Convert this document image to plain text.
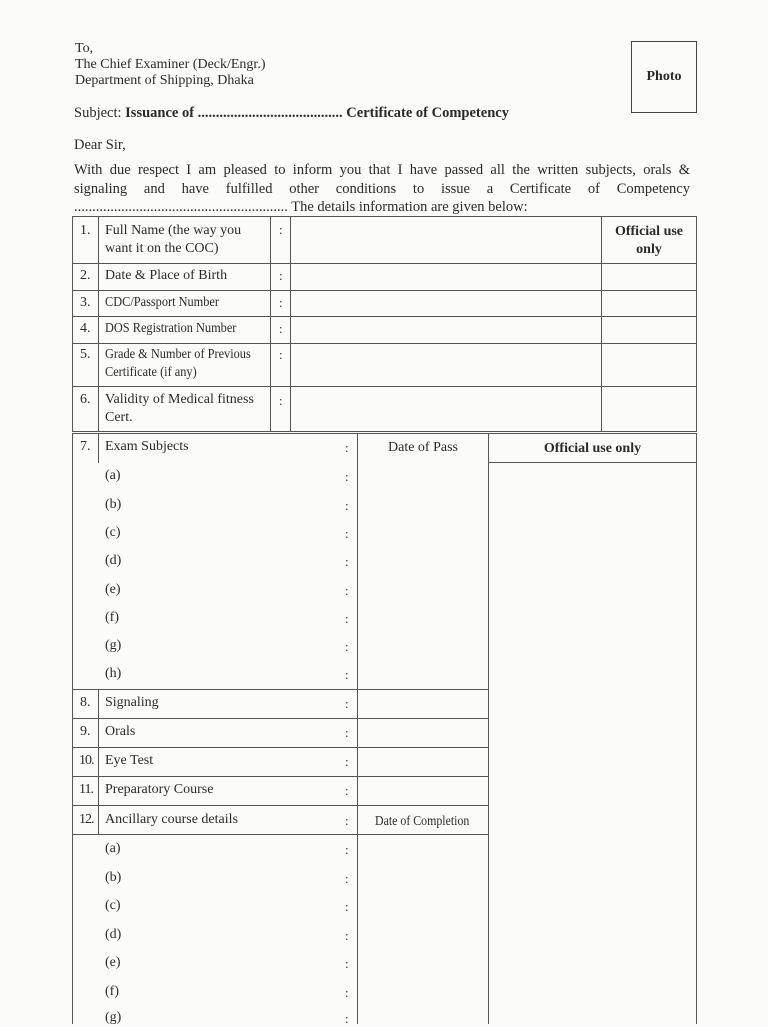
To,
The Chief Examiner (Deck/Engr.)
Department of Shipping, Dhaka	Photo
Subject: Issuance of ........................................ Certificate of Competency
Dear Sir,
With due respect I am pleased to inform you that I have passed all the written subjects, orals &
signaling and have fulfilled other conditions to issue a Certificate of Competency
........................................................... The details information are given below:
Official use only
1. Full Name (the way you want it on the COC)
:
2. Date & Place of Birth	:
3. CDC/Passport Number	:
4. DOS Registration Number	:
5. Grade & Number of Previous Certificate (if any)
:
6. Validity of Medical fitness Cert.
:
7. Exam Subjects	:	Date of Pass	Official use only
(a)	:
(b)	:
(c)	:
(d)	:
(e)	:
(f)	:
(g)	:
(h)	:
8. Signaling	:
9. Orals	:
10. Eye Test	:
11. Preparatory Course	:
12. Ancillary course details	: Date of Completion
(a)	:
(b)	:
(c)	:
(d)	:
(e)	:
(f)	:
(g)	:
